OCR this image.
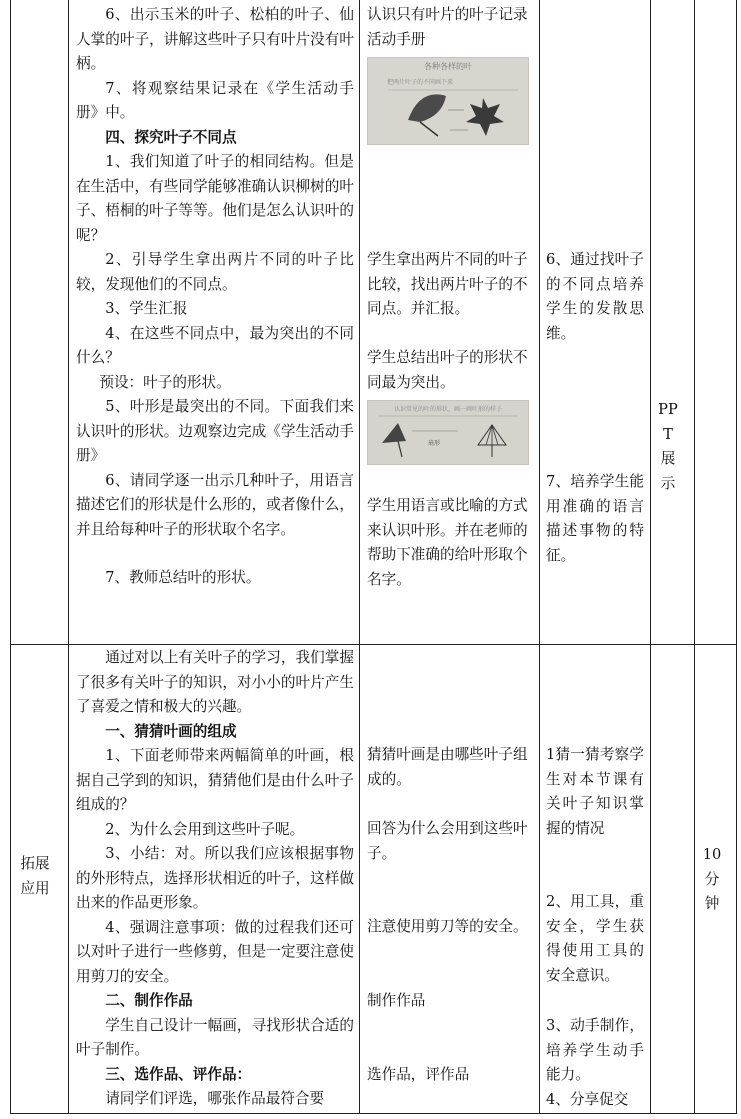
6、出示玉米的叶子、松柏的叶子、仙人掌的叶子，讲解这些叶子只有叶片没有叶柄。

7、将观察结果记录在《学生活动手册》中。

四、探究叶子不同点

1、我们知道了叶子的相同结构。但是在生活中，有些同学能够准确认识柳树的叶子、梧桐的叶子等等。他们是怎么认识叶的呢？

2、引导学生拿出两片不同的叶子比较，发现他们的不同点。

3、学生汇报

4、在这些不同点中，最为突出的不同什么？

预设：叶子的形状。

5、叶形是最突出的不同。下面我们来认识叶的形状。边观察边完成《学生活动手册》

6、请同学逐一出示几种叶子，用语言描述它们的形状是什么形的，或者像什么，并且给每种叶子的形状取个名字。

7、教师总结叶的形状。

认识只有叶片的叶子记录活动手册
各种各样的叶
把两片叶子的不同画下来
学生拿出两片不同的叶子比较，找出两片叶子的不同点。并汇报。
学生总结出叶子的形状不同最为突出。
认识常见的叶的形状，画一画叶形的样子
扇形
学生用语言或比喻的方式来认识叶形。并在老师的帮助下准确的给叶形取个名字。
6、通过找叶子的不同点培养学生的发散思维。
7、培养学生能用准确的语言描述事物的特征。
PPT展示
拓展应用

通过对以上有关叶子的学习，我们掌握了很多有关叶子的知识，对小小的叶片产生了喜爱之情和极大的兴趣。

一、猜猜叶画的组成

1、下面老师带来两幅简单的叶画，根据自己学到的知识，猜猜他们是由什么叶子组成的？

2、为什么会用到这些叶子呢。

3、小结：对。所以我们应该根据事物的外形特点，选择形状相近的叶子，这样做出来的作品更形象。

4、强调注意事项：做的过程我们还可以对叶子进行一些修剪，但是一定要注意使用剪刀的安全。

二、制作作品

学生自己设计一幅画，寻找形状合适的叶子制作。

三、选作品、评作品：

请同学们评选，哪张作品最符合要

猜猜叶画是由哪些叶子组成的。
回答为什么会用到这些叶子。
注意使用剪刀等的安全。
制作作品
选作品，评作品
1猜一猜考察学生对本节课有关叶子知识掌握的情况
2、用工具，重安全，学生获得使用工具的安全意识。
3、动手制作，培养学生动手能力。
4、分享促交
10分钟
